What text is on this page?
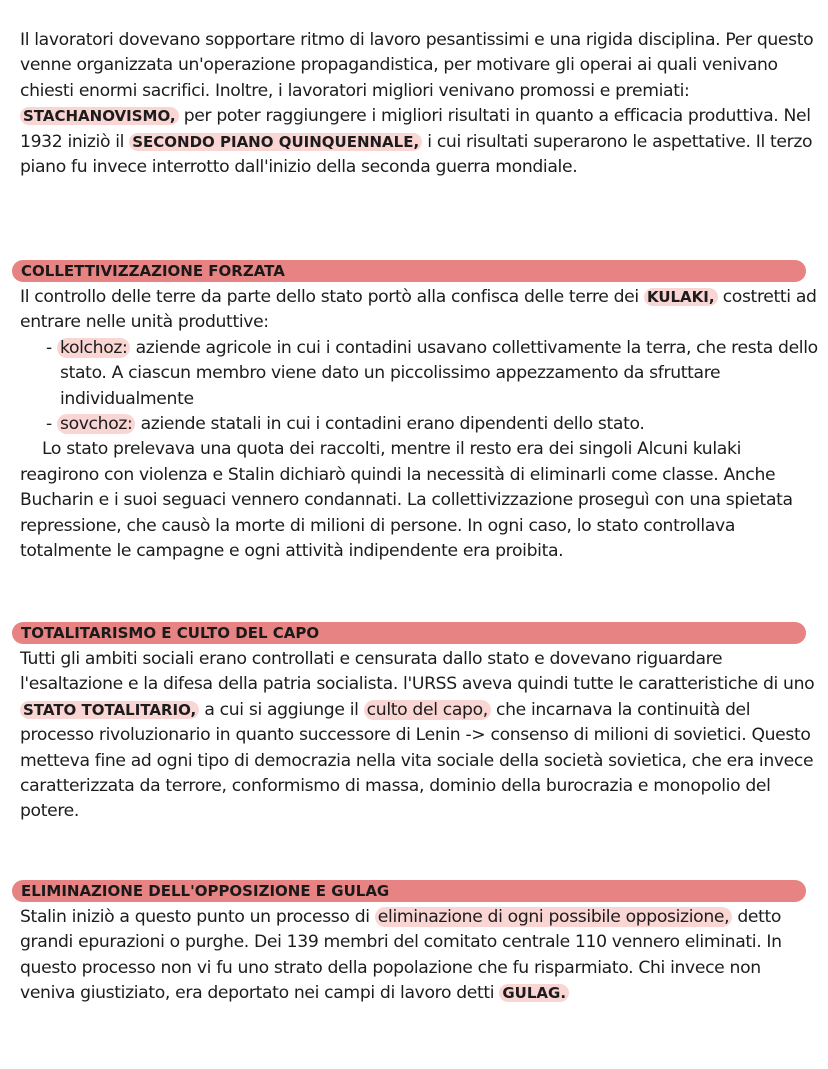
Il lavoratori dovevano sopportare ritmo di lavoro pesantissimi e una rigida disciplina. Per questo venne organizzata un'operazione propagandistica, per motivare gli operai ai quali venivano chiesti enormi sacrifici. Inoltre, i lavoratori migliori venivano promossi e premiati: STACHANOVISMO, per poter raggiungere i migliori risultati in quanto a efficacia produttiva. Nel 1932 iniziò il SECONDO PIANO QUINQUENNALE, i cui risultati superarono le aspettative. Il terzo piano fu invece interrotto dall'inizio della seconda guerra mondiale.
COLLETTIVIZZAZIONE FORZATA
Il controllo delle terre da parte dello stato portò alla confisca delle terre dei KULAKI, costretti ad entrare nelle unità produttive:
- kolchoz: aziende agricole in cui i contadini usavano collettivamente la terra, che resta dello stato. A ciascun membro viene dato un piccolissimo appezzamento da sfruttare individualmente
- sovchoz: aziende statali in cui i contadini erano dipendenti dello stato.
Lo stato prelevava una quota dei raccolti, mentre il resto era dei singoli Alcuni kulaki reagirono con violenza e Stalin dichiarò quindi la necessità di eliminarli come classe. Anche Bucharin e i suoi seguaci vennero condannati. La collettivizzazione proseguì con una spietata repressione, che causò la morte di milioni di persone. In ogni caso, lo stato controllava totalmente le campagne e ogni attività indipendente era proibita.
TOTALITARISMO E CULTO DEL CAPO
Tutti gli ambiti sociali erano controllati e censurata dallo stato e dovevano riguardare l'esaltazione e la difesa della patria socialista. l'URSS aveva quindi tutte le caratteristiche di uno STATO TOTALITARIO, a cui si aggiunge il culto del capo, che incarnava la continuità del processo rivoluzionario in quanto successore di Lenin -> consenso di milioni di sovietici. Questo metteva fine ad ogni tipo di democrazia nella vita sociale della società sovietica, che era invece caratterizzata da terrore, conformismo di massa, dominio della burocrazia e monopolio del potere.
ELIMINAZIONE DELL'OPPOSIZIONE E GULAG
Stalin iniziò a questo punto un processo di eliminazione di ogni possibile opposizione, detto grandi epurazioni o purghe. Dei 139 membri del comitato centrale 110 vennero eliminati. In questo processo non vi fu uno strato della popolazione che fu risparmiato. Chi invece non veniva giustiziato, era deportato nei campi di lavoro detti GULAG.
